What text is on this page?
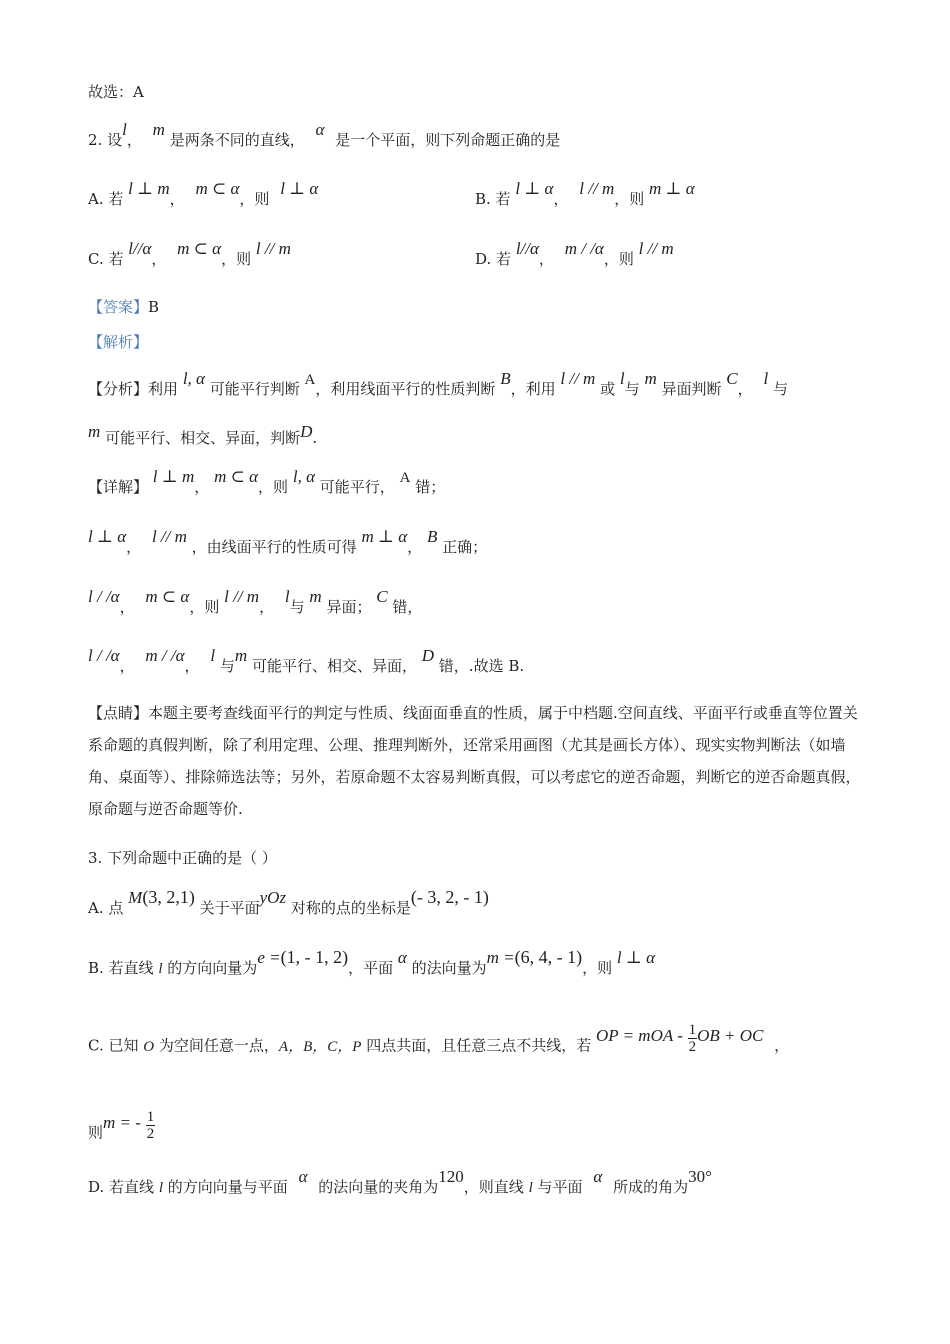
故选：A
2. 设l， m 是两条不同的直线， α 是一个平面，则下列命题正确的是
A. 若 l ⊥ m， m ⊂ α，则 l ⊥ α
B. 若 l ⊥ α， l // m，则 m ⊥ α
C. 若 l//α， m ⊂ α，则 l // m
D. 若 l//α， m / /α，则 l // m
【答案】B
【解析】
【分析】利用 l, α 可能平行判断 A，利用线面平行的性质判断 B，利用 l // m 或 l与 m 异面判断 C， l 与
m 可能平行、相交、异面，判断D.
【详解】 l ⊥ m， m ⊂ α，则 l, α 可能平行， A 错；
l ⊥ α， l // m ，由线面平行的性质可得 m ⊥ α， B 正确；
l / /α， m ⊂ α，则 l // m， l与 m 异面； C 错，
l / /α， m / /α， l 与m 可能平行、相交、异面， D 错，.故选 B.
【点睛】本题主要考查线面平行的判定与性质、线面面垂直的性质，属于中档题.空间直线、平面平行或垂直等位置关系命题的真假判断，除了利用定理、公理、推理判断外，还常采用画图（尤其是画长方体）、现实实物判断法（如墙角、桌面等）、排除筛选法等；另外，若原命题不太容易判断真假，可以考虑它的逆否命题，判断它的逆否命题真假，原命题与逆否命题等价.
3. 下列命题中正确的是（ ）
A. 点 M(3, 2,1) 关于平面yOz 对称的点的坐标是(- 3, 2, - 1)
B. 若直线 l 的方向向量为e =(1, - 1, 2)，平面 α 的法向量为m =(6, 4, - 1)，则 l ⊥ α
C. 已知 O 为空间任意一点，A，B，C，P 四点共面，且任意三点不共线，若 OP = mOA - $\frac{1}{2}$ OB + OC ，
则m = - $\frac{1}{2}$
D. 若直线 l 的方向向量与平面 α 的法向量的夹角为120，则直线 l 与平面 α 所成的角为30°
